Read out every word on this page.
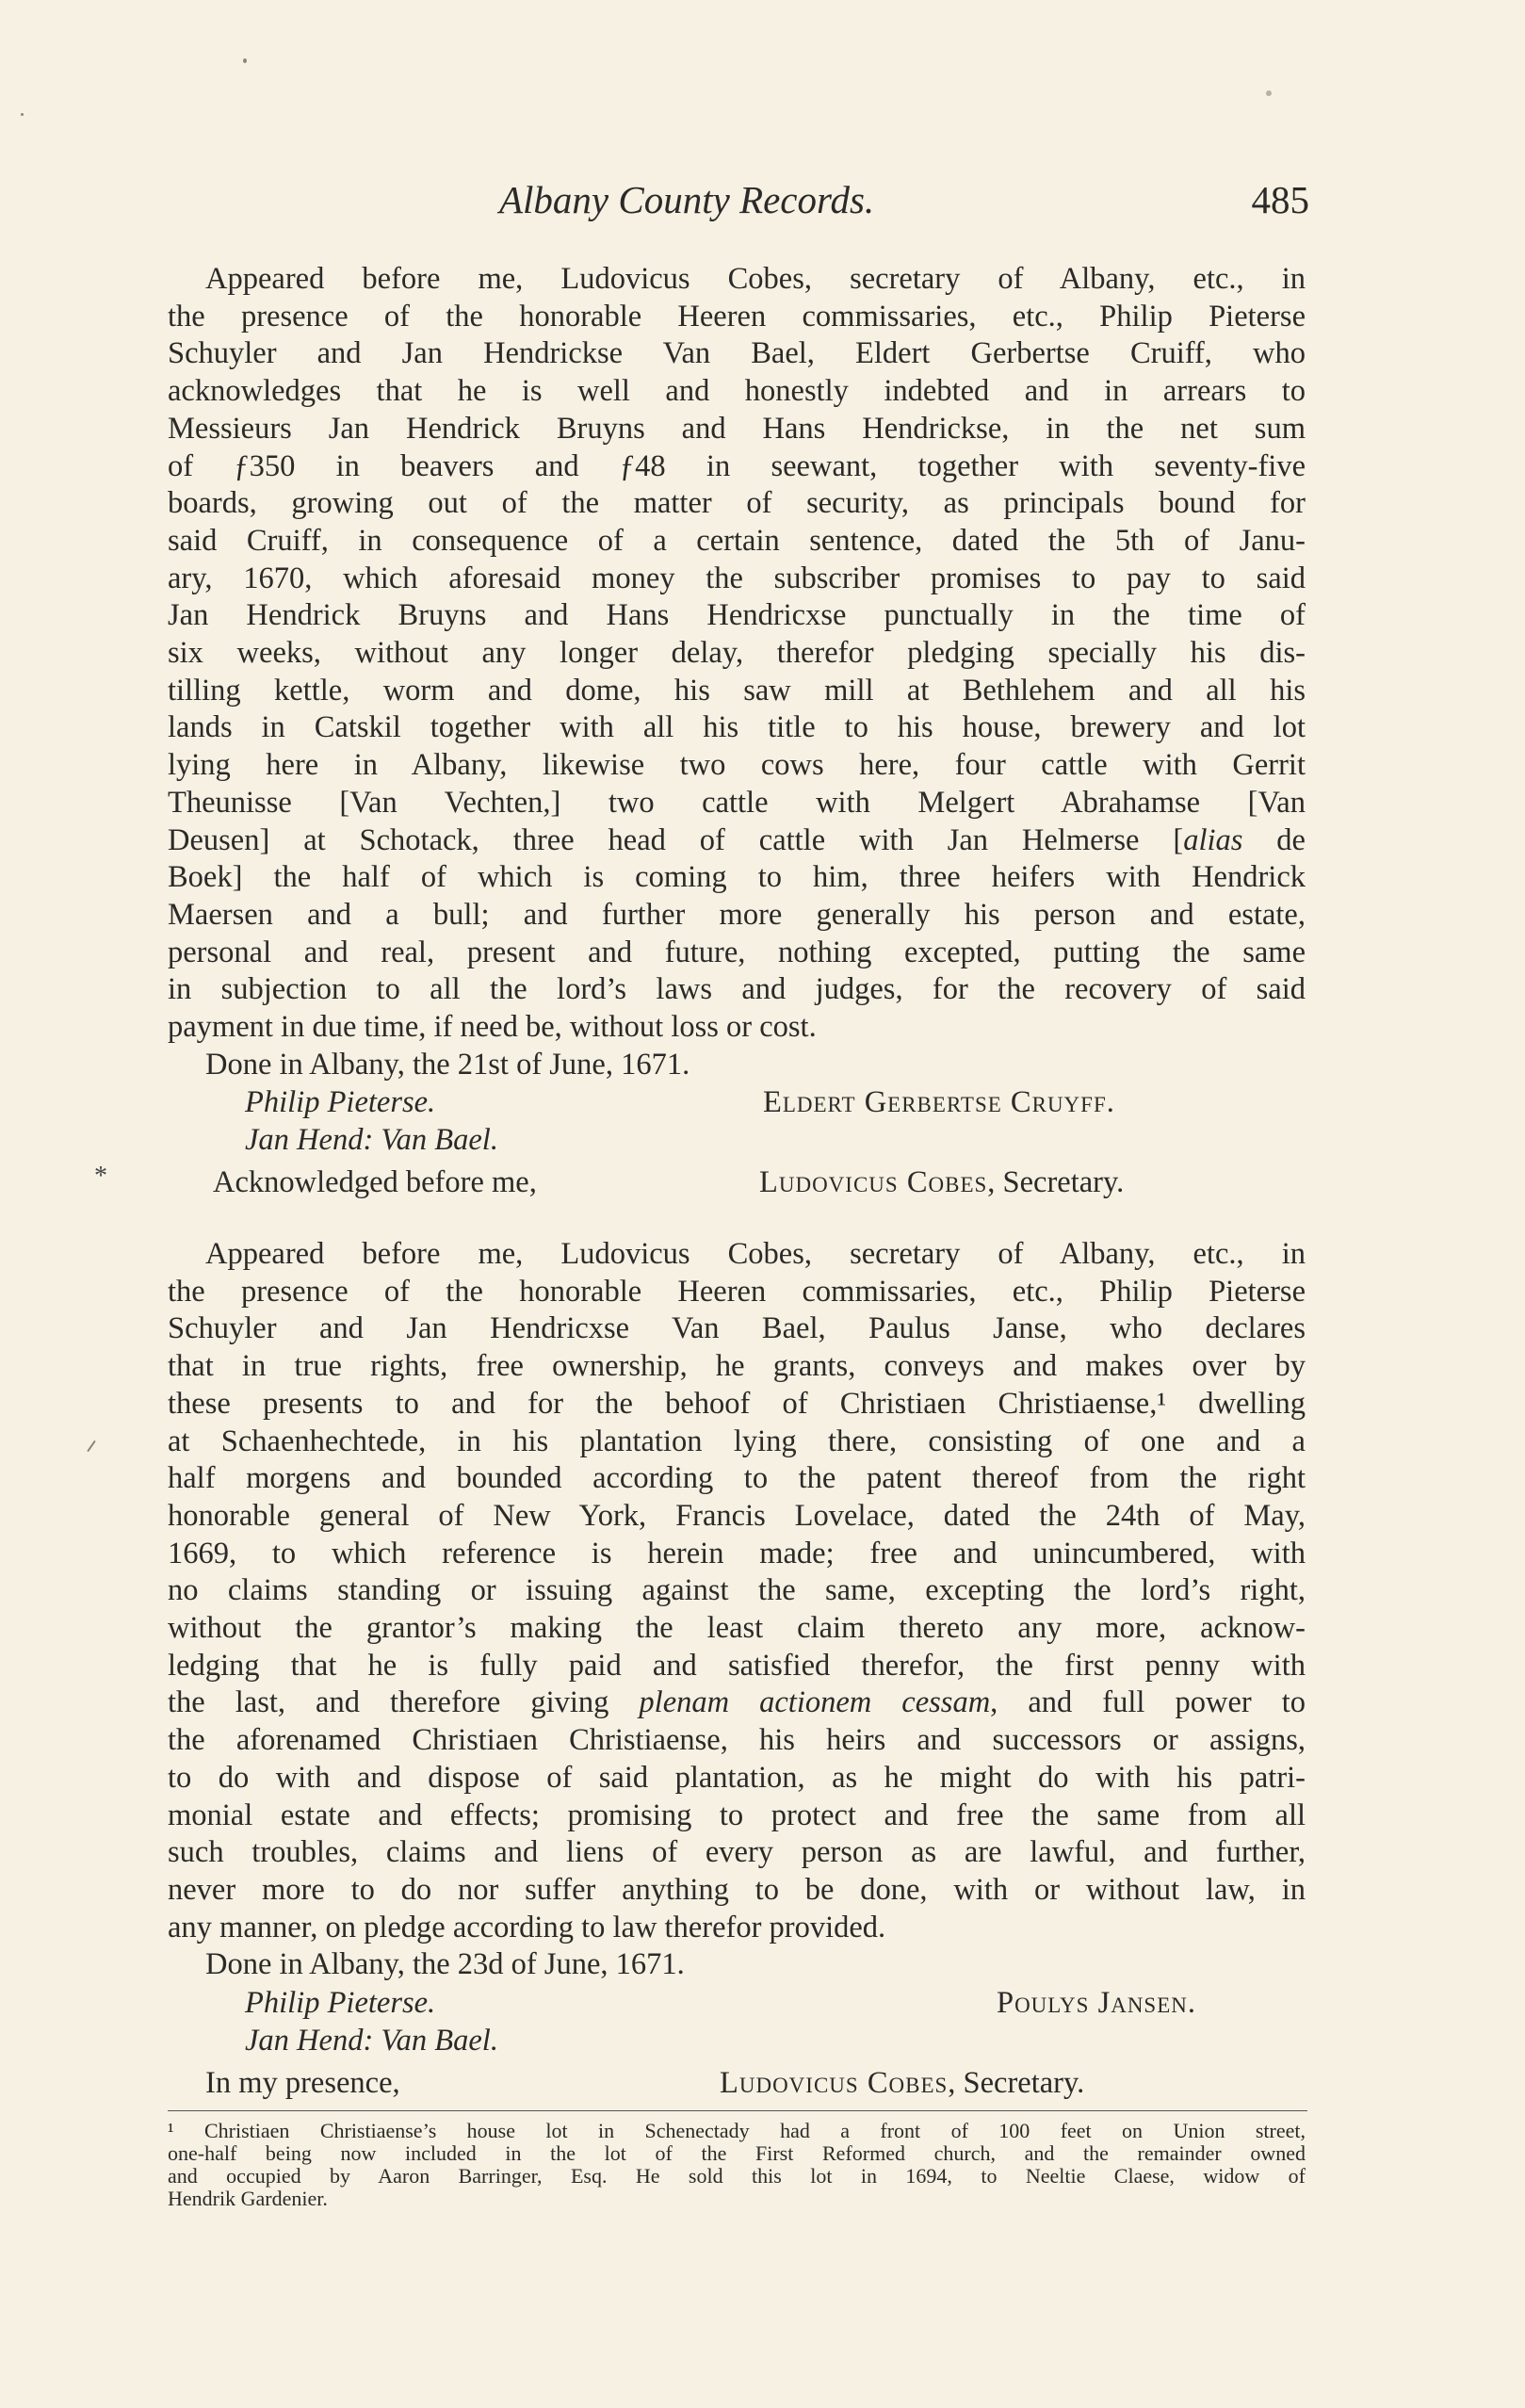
Albany County Records.	485

Appeared before me, Ludovicus Cobes, secretary of Albany, etc., in

the presence of the honorable Heeren commissaries, etc., Philip Pieterse

Schuyler and Jan Hendrickse Van Bael, Eldert Gerbertse Cruiff, who

acknowledges that he is well and honestly indebted and in arrears to

Messieurs Jan Hendrick Bruyns and Hans Hendrickse, in the net sum

of ƒ350 in beavers and ƒ48 in seewant, together with seventy-five

boards, growing out of the matter of security, as principals bound for

said Cruiff, in consequence of a certain sentence, dated the 5th of Janu-

ary, 1670, which aforesaid money the subscriber promises to pay to said

Jan Hendrick Bruyns and Hans Hendricxse punctually in the time of

six weeks, without any longer delay, therefor pledging specially his dis-

tilling kettle, worm and dome, his saw mill at Bethlehem and all his

lands in Catskil together with all his title to his house, brewery and lot

lying here in Albany, likewise two cows here, four cattle with Gerrit

Theunisse [Van Vechten,] two cattle with Melgert Abrahamse [Van

Deusen] at Schotack, three head of cattle with Jan Helmerse [alias de

Boek] the half of which is coming to him, three heifers with Hendrick

Maersen and a bull; and further more generally his person and estate,

personal and real, present and future, nothing excepted, putting the same

in subjection to all the lord’s laws and judges, for the recovery of said

payment in due time, if need be, without loss or cost.

Done in Albany, the 21st of June, 1671.

Philip Pieterse.	Eldert Gerbertse Cruyff.
Jan Hend: Van Bael.
Acknowledged before me,	Ludovicus Cobes, Secretary.
*

Appeared before me, Ludovicus Cobes, secretary of Albany, etc., in

the presence of the honorable Heeren commissaries, etc., Philip Pieterse

Schuyler and Jan Hendricxse Van Bael, Paulus Janse, who declares

that in true rights, free ownership, he grants, conveys and makes over by

these presents to and for the behoof of Christiaen Christiaense,¹ dwelling

at Schaenhechtede, in his plantation lying there, consisting of one and a

half morgens and bounded according to the patent thereof from the right

honorable general of New York, Francis Lovelace, dated the 24th of May,

1669, to which reference is herein made; free and unincumbered, with

no claims standing or issuing against the same, excepting the lord’s right,

without the grantor’s making the least claim thereto any more, acknow-

ledging that he is fully paid and satisfied therefor, the first penny with

the last, and therefore giving plenam actionem cessam, and full power to

the aforenamed Christiaen Christiaense, his heirs and successors or assigns,

to do with and dispose of said plantation, as he might do with his patri-

monial estate and effects; promising to protect and free the same from all

such troubles, claims and liens of every person as are lawful, and further,

never more to do nor suffer anything to be done, with or without law, in

any manner, on pledge according to law therefor provided.

Done in Albany, the 23d of June, 1671.

Philip Pieterse.	Poulys Jansen.
Jan Hend: Van Bael.
In my presence,	Ludovicus Cobes, Secretary.

¹ Christiaen Christiaense’s house lot in Schenectady had a front of 100 feet on Union street,

one-half being now included in the lot of the First Reformed church, and the remainder owned

and occupied by Aaron Barringer, Esq. He sold this lot in 1694, to Neeltie Claese, widow of

Hendrik Gardenier.
